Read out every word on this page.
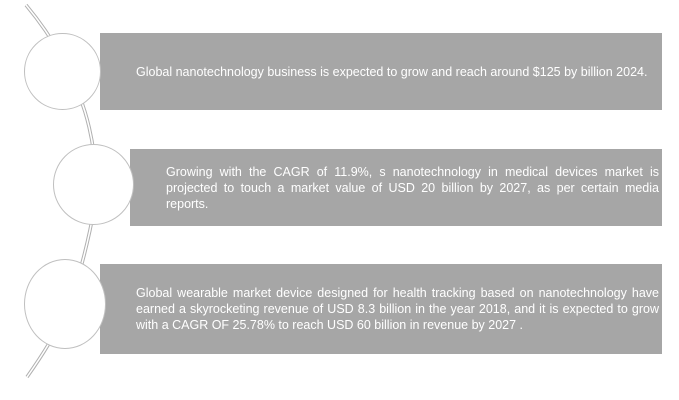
Global nanotechnology business is expected to grow and reach around $125 by billion 2024.
Growing with the CAGR of 11.9%, s nanotechnology in medical devices market is projected to touch a market value of USD 20 billion by 2027, as per certain media reports.
Global wearable market device designed for health tracking based on nanotechnology have earned a skyrocketing revenue of USD 8.3 billion in the year 2018, and it is expected to grow with a CAGR OF 25.78% to reach USD 60 billion in revenue by 2027 .
